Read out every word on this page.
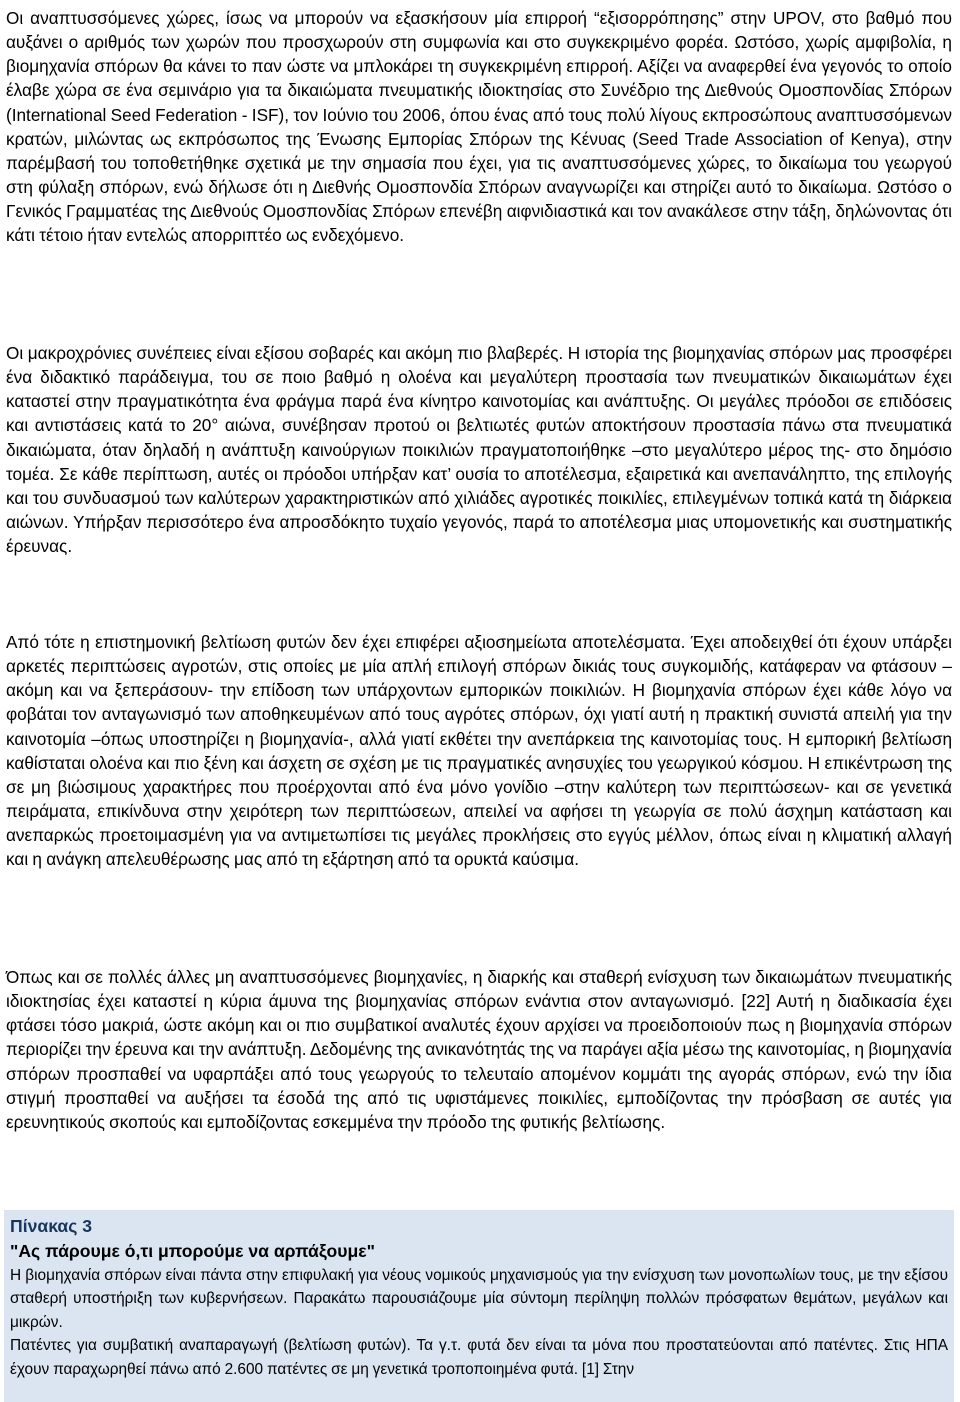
Οι αναπτυσσόμενες χώρες, ίσως να μπορούν να εξασκήσουν μία επιρροή “εξισορρόπησης” στην UPOV, στο βαθμό που αυξάνει ο αριθμός των χωρών που προσχωρούν στη συμφωνία και στο συγκεκριμένο φορέα. Ωστόσο, χωρίς αμφιβολία, η βιομηχανία σπόρων θα κάνει το παν ώστε να μπλοκάρει τη συγκεκριμένη επιρροή. Αξίζει να αναφερθεί ένα γεγονός το οποίο έλαβε χώρα σε ένα σεμινάριο για τα δικαιώματα πνευματικής ιδιοκτησίας στο Συνέδριο της Διεθνούς Ομοσπονδίας Σπόρων (International Seed Federation - ISF), τον Ιούνιο του 2006, όπου ένας από τους πολύ λίγους εκπροσώπους αναπτυσσόμενων κρατών, μιλώντας ως εκπρόσωπος της Ένωσης Εμπορίας Σπόρων της Κένυας (Seed Trade Association of Kenya), στην παρέμβασή του τοποθετήθηκε σχετικά με την σημασία που έχει, για τις αναπτυσσόμενες χώρες, το δικαίωμα του γεωργού στη φύλαξη σπόρων, ενώ δήλωσε ότι η Διεθνής Ομοσπονδία Σπόρων αναγνωρίζει και στηρίζει αυτό το δικαίωμα. Ωστόσο ο Γενικός Γραμματέας της Διεθνούς Ομοσπονδίας Σπόρων επενέβη αιφνιδιαστικά και τον ανακάλεσε στην τάξη, δηλώνοντας ότι κάτι τέτοιο ήταν εντελώς απορριπτέο ως ενδεχόμενο.

Οι μακροχρόνιες συνέπειες είναι εξίσου σοβαρές και ακόμη πιο βλαβερές. Η ιστορία της βιομηχανίας σπόρων μας προσφέρει ένα διδακτικό παράδειγμα, του σε ποιο βαθμό η ολοένα και μεγαλύτερη προστασία των πνευματικών δικαιωμάτων έχει καταστεί στην πραγματικότητα ένα φράγμα παρά ένα κίνητρο καινοτομίας και ανάπτυξης. Οι μεγάλες πρόοδοι σε επιδόσεις και αντιστάσεις κατά το 20° αιώνα, συνέβησαν προτού οι βελτιωτές φυτών αποκτήσουν προστασία πάνω στα πνευματικά δικαιώματα, όταν δηλαδή η ανάπτυξη καινούργιων ποικιλιών πραγματοποιήθηκε –στο μεγαλύτερο μέρος της- στο δημόσιο τομέα. Σε κάθε περίπτωση, αυτές οι πρόοδοι υπήρξαν κατ’ ουσία το αποτέλεσμα, εξαιρετικά και ανεπανάληπτο, της επιλογής και του συνδυασμού των καλύτερων χαρακτηριστικών από χιλιάδες αγροτικές ποικιλίες, επιλεγμένων τοπικά κατά τη διάρκεια αιώνων. Υπήρξαν περισσότερο ένα απροσδόκητο τυχαίο γεγονός, παρά το αποτέλεσμα μιας υπομονετικής και συστηματικής έρευνας.

Από τότε η επιστημονική βελτίωση φυτών δεν έχει επιφέρει αξιοσημείωτα αποτελέσματα. Έχει αποδειχθεί ότι έχουν υπάρξει αρκετές περιπτώσεις αγροτών, στις οποίες με μία απλή επιλογή σπόρων δικιάς τους συγκομιδής, κατάφεραν να φτάσουν –ακόμη και να ξεπεράσουν- την επίδοση των υπάρχοντων εμπορικών ποικιλιών. Η βιομηχανία σπόρων έχει κάθε λόγο να φοβάται τον ανταγωνισμό των αποθηκευμένων από τους αγρότες σπόρων, όχι γιατί αυτή η πρακτική συνιστά απειλή για την καινοτομία –όπως υποστηρίζει η βιομηχανία-, αλλά γιατί εκθέτει την ανεπάρκεια της καινοτομίας τους. Η εμπορική βελτίωση καθίσταται ολοένα και πιο ξένη και άσχετη σε σχέση με τις πραγματικές ανησυχίες του γεωργικού κόσμου. Η επικέντρωση της σε μη βιώσιμους χαρακτήρες που προέρχονται από ένα μόνο γονίδιο –στην καλύτερη των περιπτώσεων- και σε γενετικά πειράματα, επικίνδυνα στην χειρότερη των περιπτώσεων, απειλεί να αφήσει τη γεωργία σε πολύ άσχημη κατάσταση και ανεπαρκώς προετοιμασμένη για να αντιμετωπίσει τις μεγάλες προκλήσεις στο εγγύς μέλλον, όπως είναι η κλιματική αλλαγή και η ανάγκη απελευθέρωσης μας από τη εξάρτηση από τα ορυκτά καύσιμα.

Όπως και σε πολλές άλλες μη αναπτυσσόμενες βιομηχανίες, η διαρκής και σταθερή ενίσχυση των δικαιωμάτων πνευματικής ιδιοκτησίας έχει καταστεί η κύρια άμυνα της βιομηχανίας σπόρων ενάντια στον ανταγωνισμό. [22] Αυτή η διαδικασία έχει φτάσει τόσο μακριά, ώστε ακόμη και οι πιο συμβατικοί αναλυτές έχουν αρχίσει να προειδοποιούν πως η βιομηχανία σπόρων περιορίζει την έρευνα και την ανάπτυξη. Δεδομένης της ανικανότητάς της να παράγει αξία μέσω της καινοτομίας, η βιομηχανία σπόρων προσπαθεί να υφαρπάξει από τους γεωργούς το τελευταίο απομένον κομμάτι της αγοράς σπόρων, ενώ την ίδια στιγμή προσπαθεί να αυξήσει τα έσοδά της από τις υφιστάμενες ποικιλίες, εμποδίζοντας την πρόσβαση σε αυτές για ερευνητικούς σκοπούς και εμποδίζοντας εσκεμμένα την πρόοδο της φυτικής βελτίωσης.

Πίνακας 3

"Ας πάρουμε ό,τι μπορούμε να αρπάξουμε"

Η βιομηχανία σπόρων είναι πάντα στην επιφυλακή για νέους νομικούς μηχανισμούς για την ενίσχυση των μονοπωλίων τους, με την εξίσου σταθερή υποστήριξη των κυβερνήσεων. Παρακάτω παρουσιάζουμε μία σύντομη περίληψη πολλών πρόσφατων θεμάτων, μεγάλων και μικρών.

Πατέντες για συμβατική αναπαραγωγή (βελτίωση φυτών). Τα γ.τ. φυτά δεν είναι τα μόνα που προστατεύονται από πατέντες. Στις ΗΠΑ έχουν παραχωρηθεί πάνω από 2.600 πατέντες σε μη γενετικά τροποποιημένα φυτά. [1] Στην
